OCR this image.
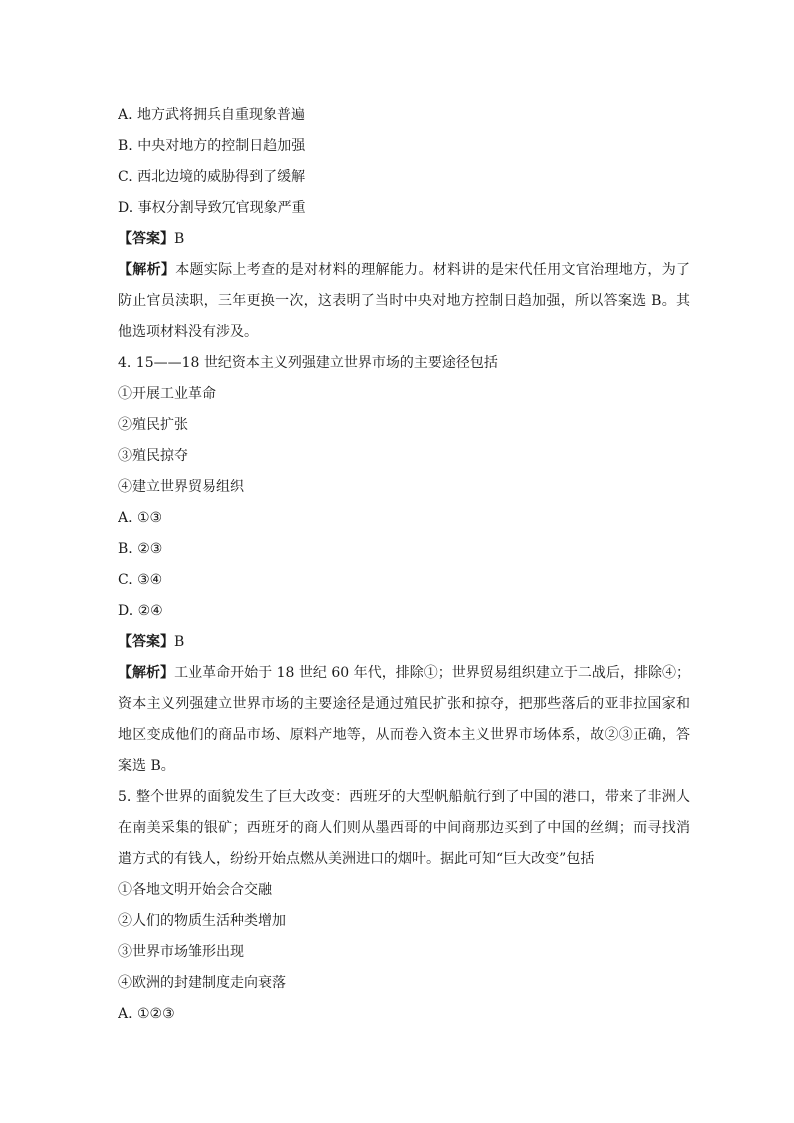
A. 地方武将拥兵自重现象普遍
B. 中央对地方的控制日趋加强
C. 西北边境的威胁得到了缓解
D. 事权分割导致冗官现象严重
【答案】B
【解析】本题实际上考查的是对材料的理解能力。材料讲的是宋代任用文官治理地方，为了防止官员渎职，三年更换一次，这表明了当时中央对地方控制日趋加强，所以答案选 B。其他选项材料没有涉及。
4. 15——18 世纪资本主义列强建立世界市场的主要途径包括
①开展工业革命
②殖民扩张
③殖民掠夺
④建立世界贸易组织
A. ①③
B. ②③
C. ③④
D. ②④
【答案】B
【解析】工业革命开始于 18 世纪 60 年代，排除①；世界贸易组织建立于二战后，排除④；资本主义列强建立世界市场的主要途径是通过殖民扩张和掠夺，把那些落后的亚非拉国家和地区变成他们的商品市场、原料产地等，从而卷入资本主义世界市场体系，故②③正确，答案选 B。
5. 整个世界的面貌发生了巨大改变：西班牙的大型帆船航行到了中国的港口，带来了非洲人在南美采集的银矿；西班牙的商人们则从墨西哥的中间商那边买到了中国的丝绸；而寻找消遣方式的有钱人，纷纷开始点燃从美洲进口的烟叶。据此可知“巨大改变”包括
①各地文明开始会合交融
②人们的物质生活种类增加
③世界市场雏形出现
④欧洲的封建制度走向衰落
A. ①②③
